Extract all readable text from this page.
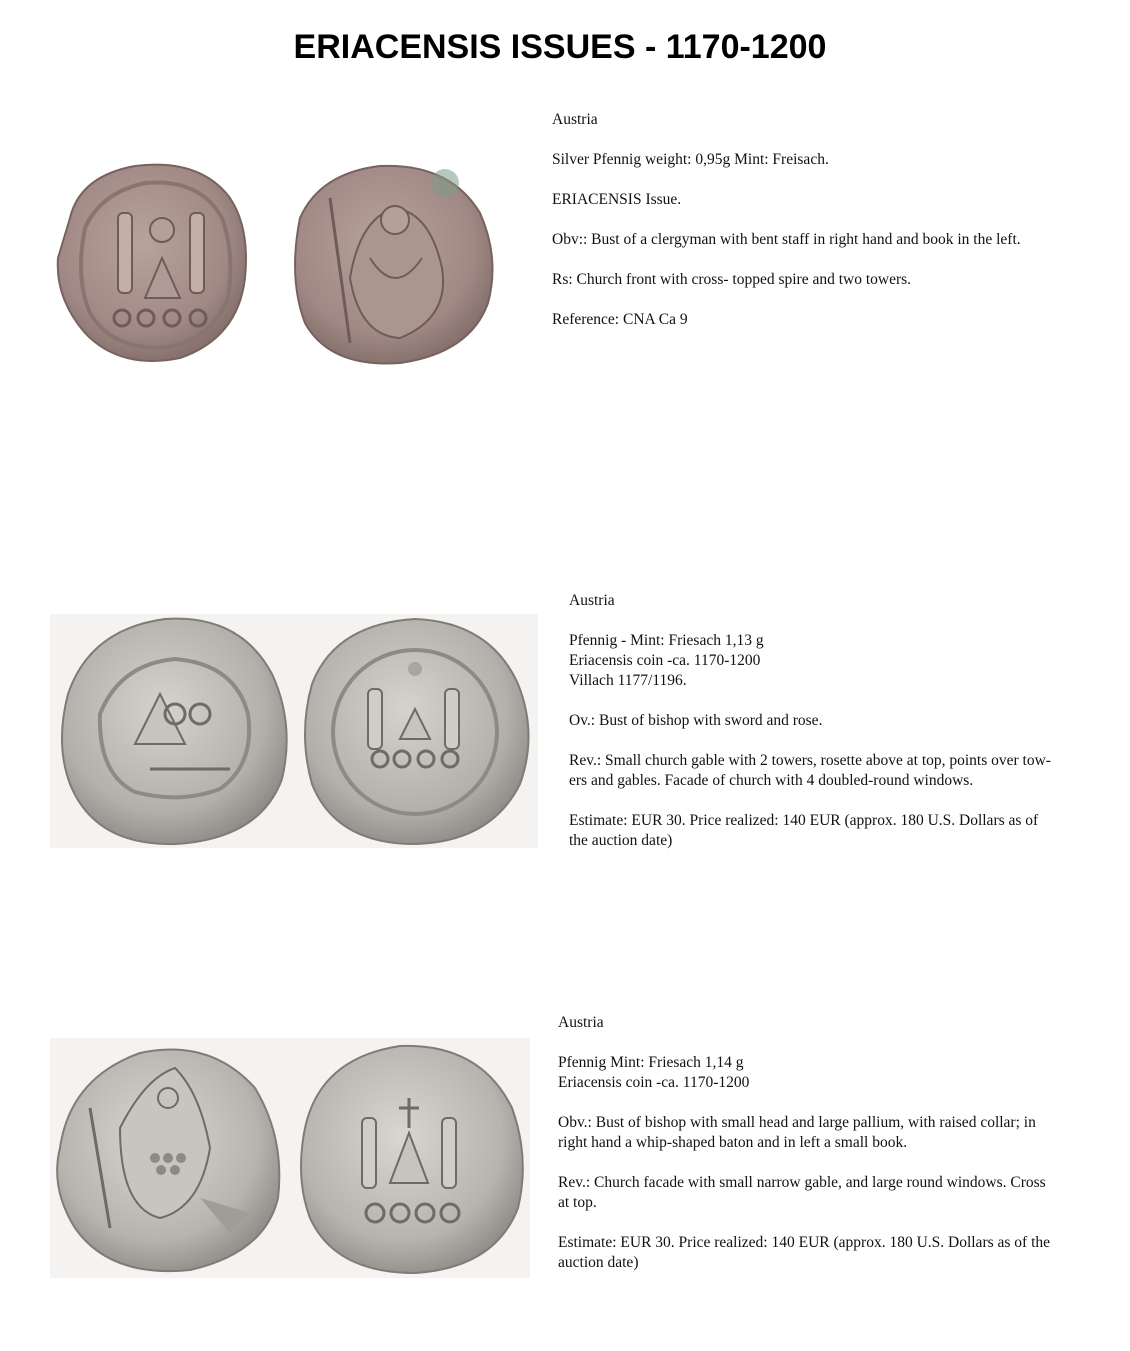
ERIACENSIS ISSUES - 1170-1200

Austria

Silver Pfennig weight: 0,95g Mint: Freisach.

ERIACENSIS Issue.

Obv:: Bust of a clergyman with bent staff in right hand and book in the left.

Rs: Church front with cross- topped spire and two towers.

Reference: CNA Ca 9

Austria

Pfennig - Mint: Friesach 1,13 g
Eriacensis coin -ca. 1170-1200
Villach 1177/1196.

Ov.: Bust of bishop with sword and rose.

Rev.: Small church gable with 2 towers, rosette above at top, points over tow-
ers and gables. Facade of church with 4 doubled-round windows.

Estimate: EUR 30. Price realized: 140 EUR (approx. 180 U.S. Dollars as of
the auction date)

Austria

Pfennig Mint: Friesach 1,14 g
Eriacensis coin -ca. 1170-1200

Obv.: Bust of bishop with small head and large pallium, with raised collar; in
right hand a whip-shaped baton and in left a small book.

Rev.: Church facade with small narrow gable, and large round windows. Cross
at top.

Estimate: EUR 30. Price realized: 140 EUR (approx. 180 U.S. Dollars as of the
auction date)
